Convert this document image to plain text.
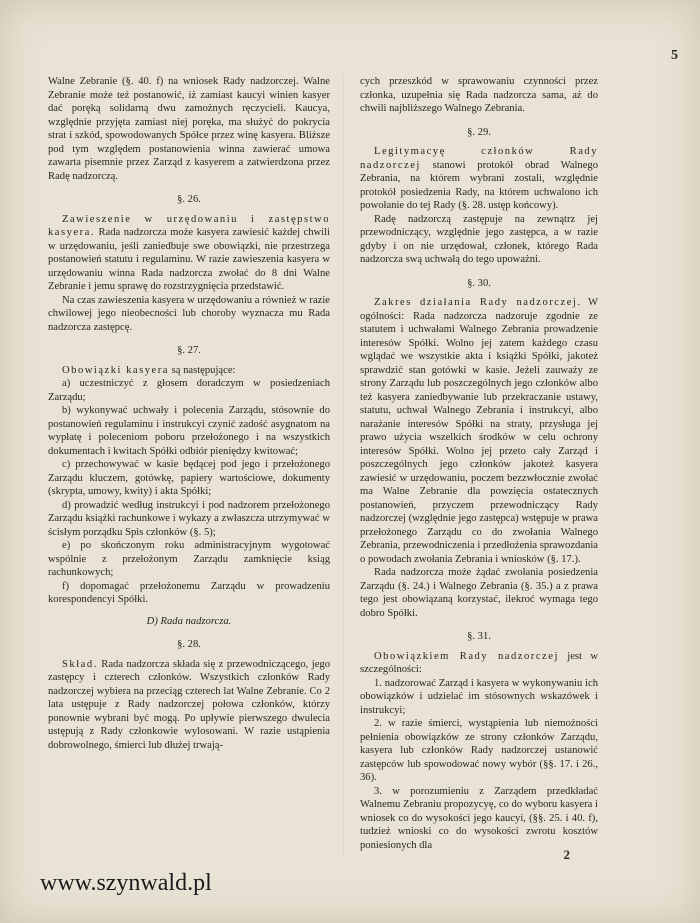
5

Walne Zebranie (§. 40. f) na wniosek Rady nadzorczej. Walne Zebranie może też postanowić, iż zamiast kaucyi winien kasyer dać poręką solidarną dwu zamożnych ręczycieli. Kaucya, względnie przyjęta zamiast niej poręka, ma służyć do pokrycia strat i szkód, spowodowanych Spółce przez winę kasyera. Bliższe pod tym względem postanowienia winna zawierać umowa zawarta pisemnie przez Zarząd z kasyerem a zatwierdzona przez Radę nadzorczą.

§. 26.

Zawieszenie w urzędowaniu i zastępstwo kasyera. Rada nadzorcza może kasyera zawiesić każdej chwili w urzędowaniu, jeśli zaniedbuje swe obowiązki, nie przestrzega postanowień statutu i regulaminu. W razie zawieszenia kasyera w urzędowaniu winna Rada nadzorcza zwołać do 8 dni Walne Zebranie i jemu sprawę do rozstrzygnięcia przedstawić.

Na czas zawieszenia kasyera w urzędowaniu a również w razie chwilowej jego nieobecności lub choroby wyznacza mu Rada nadzorcza zastępcę.

§. 27.

Obowiązki kasyera są następujące:

a) uczestniczyć z głosem doradczym w posiedzeniach Zarządu;

b) wykonywać uchwały i polecenia Zarządu, stósownie do postanowień regulaminu i instrukcyi czynić zadość asygnatom na wypłatę i poleceniom poboru przełożonego i na wszystkich dokumentach i kwitach Spółki odbiór pieniędzy kwitować;

c) przechowywać w kasie będącej pod jego i przełożonego Zarządu kluczem, gotówkę, papiery wartościowe, dokumenty (skrypta, umowy, kwity) i akta Spółki;

d) prowadzić według instrukcyi i pod nadzorem przełożonego Zarządu książki rachunkowe i wykazy a zwłaszcza utrzymywać w ścisłym porządku Spis członków (§. 5);

e) po skończonym roku administracyjnym wygotować wspólnie z przełożonym Zarządu zamknięcie ksiąg rachunkowych;

f) dopomagać przełożonemu Zarządu w prowadzeniu korespondencyi Spółki.

D) Rada nadzorcza.
§. 28.

Skład. Rada nadzorcza składa się z przewodniczącego, jego zastępcy i czterech członków. Wszystkich członków Rady nadzorczej wybiera na przeciąg czterech lat Walne Zebranie. Co 2 lata ustępuje z Rady nadzorczej połowa członków, którzy ponownie wybrani być mogą. Po upływie pierwszego dwulecia ustępują z Rady członkowie wylosowani. W razie ustąpienia dobrowolnego, śmierci lub dłużej trwają-

cych przeszkód w sprawowaniu czynności przez członka, uzupełnia się Rada nadzorcza sama, aż do chwili najbliższego Walnego Zebrania.

§. 29.

Legitymacyę członków Rady nadzorczej stanowi protokół obrad Walnego Zebrania, na którem wybrani zostali, względnie protokół posiedzenia Rady, na którem uchwalono ich powołanie do tej Rady (§. 28. ustęp końcowy).

Radę nadzorczą zastępuje na zewnątrz jej przewodniczący, względnie jego zastępca, a w razie gdyby i on nie urzędował, członek, którego Rada nadzorcza swą uchwałą do tego upoważni.

§. 30.

Zakres działania Rady nadzorczej. W ogólności: Rada nadzorcza nadzoruje zgodnie ze statutem i uchwałami Walnego Zebrania prowadzenie interesów Spółki. Wolno jej zatem każdego czasu wglądać we wszystkie akta i książki Spółki, jakoteż sprawdzić stan gotówki w kasie. Jeżeli zauważy ze strony Zarządu lub poszczególnych jego członków albo też kasyera zaniedbywanie lub przekraczanie ustawy, statutu, uchwał Walnego Zebrania i instrukcyi, albo narażanie interesów Spółki na straty, przysługa jej prawo użycia wszelkich środków w celu ochrony interesów Spółki. Wolno jej przeto cały Zarząd i poszczególnych jego członków jakoteż kasyera zawiesić w urzędowaniu, poczem bezzwłocznie zwołać ma Walne Zebranie dla powzięcia ostatecznych postanowień, przyczem przewodniczący Rady nadzorczej (względnie jego zastępca) wstępuje w prawa przełożonego Zarządu co do zwołania Walnego Zebrania, przewodniczenia i przedłożenia sprawozdania o powodach zwołania Zebrania i wniosków (§. 17.).

Rada nadzorcza może żądać zwołania posiedzenia Zarządu (§. 24.) i Walnego Zebrania (§. 35.) a z prawa tego jest obowiązaną korzystać, ilekroć wymaga tego dobro Spółki.

§. 31.

Obowiązkiem Rady nadzorczej jest w szczególności:

1. nadzorować Zarząd i kasyera w wykonywaniu ich obowiązków i udzielać im stósownych wskazówek i instrukcyi;

2. w razie śmierci, wystąpienia lub niemożności pełnienia obowiązków ze strony członków Zarządu, kasyera lub członków Rady nadzorczej ustanowić zastępców lub spowodować nowy wybór (§§. 17. i 26., 36).

3. w porozumieniu z Zarządem przedkładać Walnemu Zebraniu propozycyę, co do wyboru kasyera i wniosek co do wysokości jego kaucyi, (§§. 25. i 40. f), tudzież wnioski co do wysokości zwrotu kosztów poniesionych dla

2
www.szynwald.pl
